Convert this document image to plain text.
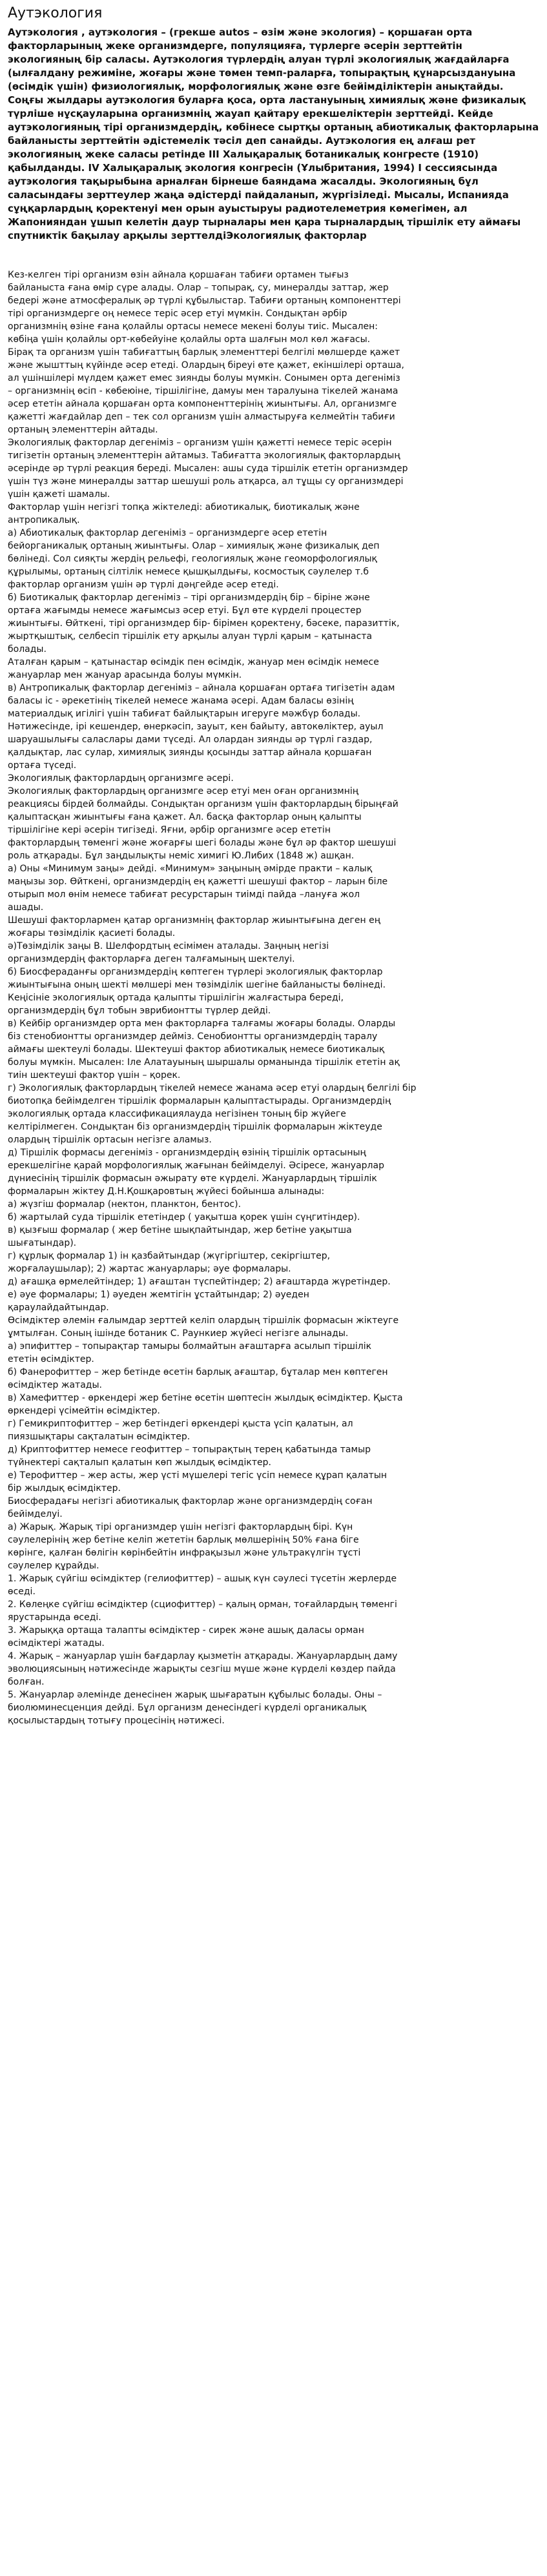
Аутэкология

Аутэкология , аутэкология – (грекше autos – өзім және экология) – қоршаған орта факторларының жеке организмдерге, популяцияға, түрлерге әсерін зерттейтін экологияның бір саласы. Аутэкология түрлердің алуан түрлі экологиялық жағдайларға (ылғалдану режиміне, жоғары және төмен темп-раларға, топырақтың құнарсыздануына (өсімдік үшін) физиологиялық, морфологиялық және өзге бейімділіктерін анықтайды. Соңғы жылдары аутэкология буларға қоса, орта ластануының химиялық және физикалық түрліше нұсқауларына организмнің жауап қайтару ерекшеліктерін зерттейді. Кейде аутэкологияның тірі организмдердің, көбінесе сыртқы ортаның абиотикалық факторларына байланысты зерттейтін әдістемелік тәсіл деп санайды. Аутэкология ең алғаш рет экологияның жеке саласы ретінде ІІІ Халықаралық ботаникалық конгресте (1910) қабылданды. IV Халықаралық экология конгресін (Ұлыбритания, 1994) І сессиясында аутэкология тақырыбына арналған бірнеше баяндама жасалды. Экологияның бұл салаcындағы зерттеулер жаңа әдістерді пайдаланып, жүргізіледі. Мысалы, Испанияда сұңқарлардың қоректенуі мен орын ауыстыруы радиотелеметрия көмегімен, ал Жапонияндан ұшып келетін дауp тырналары мен қара тырналардың тіршілік ету аймағы спутниктік бақылау арқылы зерттелдіЭкологиялық факторлар

Кез-келген тірі организм өзін айнала қоршаған табиғи ортамен тығыз

байланыста ғана өмір сүре алады. Олар – топырақ, су, минералды заттар, жер

бедері және атмосфералық әр түрлі құбылыстар. Табиғи ортаның компоненттері

тірі организмдерге оң немесе теріс әсер етуі мүмкін. Сондықтан әрбір

организмнің өзіне ғана қолайлы ортасы немесе мекені болуы тиіс. Мысален:

көбіңа үшін қолайлы орт-көбейуіне қолайлы орта шалғын мол көл жағасы.

Бірақ та организм үшін табиғаттың барлық элементтері белгілі мөлшерде қажет

және жышттың күйінде әсер етеді. Олардың біреуі өте қажет, екіншілері орташа,

ал үшіншілері мүлдем қажет емес зиянды болуы мүмкін. Сонымен орта дегеніміз

– организмнің өсіп - көбеюіне, тіршілігіне, дамуы мен таралуына тікелей жанама

әсер ететін айнала қоршаған орта компоненттерінің жиынтығы. Ал, организмге

қажетті жағдайлар деп – тек сол организм үшін алмастыруға келмейтін табиғи

ортаның элементтерін айтады.

Экологиялық факторлар дегеніміз – организм үшін қажетті немесе теріс әсерін

тигізетін ортаның элементтерін айтамыз. Табиғатта экологиялық факторлардың

әсерінде әр түрлі реакция береді. Мысален: ашы суда тіршілік ететін организмдер

үшін түз және минералды заттар шешуші роль атқарса, ал тұщы су организмдері

үшін қажеті шамалы.

Факторлар үшін негізгі топқа жіктеледі: абиотикалық, биотикалық және

антропикалық.

а) Абиотикалық факторлар дегеніміз – организмдерге әсер ететін

бейорганикалық ортаның жиынтығы. Олар – химиялық және физикалық деп

бөлінеді. Сол сияқты жердің рельефі, геологиялық және геоморфологиялық

құрылымы, ортаның сілтілік немесе қышқылдығы, космостық сәулелер т.б

факторлар организм үшін әр түрлі дәңгейде әсер етеді.

б) Биотикалық факторлар дегеніміз – тірі организмдердің бір – біріне және

ортаға жағымды немесе жағымсыз әсер етуі. Бұл өте күрделі процестер

жиынтығы. Өйткені, тірі организмдер бір- бірімен қоректену, бәсеке, паразиттік,

жыртқыштық, селбесіп тіршілік ету арқылы алуан түрлі қарым – қатынаста

болады.

Аталған қарым – қатынастар өсімдік пен өсімдік, жануар мен өсімдік немесе

жануарлар мен жануар арасында болуы мүмкін.

в) Антропикалық факторлар дегеніміз – айнала қоршаған ортаға тигізетін адам

баласы іс - әрекетінің тікелей немесе жанама әсері. Адам баласы өзінің

материалдық игілігі үшін табиғат байлықтарын игеруге мәжбүр болады.

Нәтижесінде, ірі кешендер, өнеркәсіп, зауыт, кен байыту, автокөліктер, ауыл

шаруашылығы саласлары дами түседі. Ал олардан зиянды әр түрлі газдар,

қалдықтар, лас сулар, химиялық зиянды қосынды заттар айнала қоршаған

ортаға түседі.

Экологиялық факторлардың организмге әсері.

Экологиялық факторлардың организмге әсер етуі мен оған организмнің

реакциясы бірдей болмайды. Сондықтан организм үшін факторлардың бірыңғай

қалыптасқан жиынтығы ғана қажет. Ал. басқа факторлар оның қалыпты

тіршілігіне кері әсерін тигізеді. Яғни, әрбір организмге әсер ететін

факторлардың төменгі және жоғарғы шегі болады және бұл әр фактор шешуші

роль атқарады. Бұл заңдылықты неміс химигі Ю.Либих (1848 ж) ашқан.

а) Оны «Минимум заңы» дейді. «Минимум» заңының әмірде практи – калық

маңызы зор. Өйткені, организмдердің ең қажетті шешуші фактор – ларын біле

отырып мол өнім немесе табиғат ресурстарын тиімді пайда –лануға жол

ашады.

Шешуші факторлармен қатар организмнің факторлар жиынтығына деген ең

жоғары төзімділік қасиеті болады.

ә)Төзімділік заңы В. Шелфордтың есімімен аталады. Заңның негізі

организмдердің факторларға деген талғамының шектелуі.

б) Биосфераданғы организмдердің көптеген түрлері экологиялық факторлар

жиынтығына оның шекті мөлшері мен төзімділік шегіне байланысты бөлінеді.

Кеңісініе экологиялық ортада қалыпты тіршілігін жалғастыра береді,

организмдердің бұл тобын эврибионтты түрлер дейді.

в) Кейбір организмдер орта мен факторларға талғамы жоғары болады. Оларды

біз стенобионтты организмдер дейміз. Сенобионтты организмдердің таралу

аймағы шектеулі болады. Шектеуші фактор абиотикалық немесе биотикалық

болуы мүмкін. Мысален: Іле Алатауының шыршалы орманында тіршілік ететін ақ

тиін шектеуші фактор үшін – қорек.

г) Экологиялық факторлардың тікелей немесе жанама әсер етуі олардың белгілі бір

биотопқа бейімделген тіршілік формаларын қалыптастырады. Организмдердің

экологиялық ортада классификациялауда негізінен тоның бір жүйеге

келтірілмеген. Сондықтан біз организмдердің тіршілік формаларын жіктеуде

олардың тіршілік ортасын негізге аламыз.

д) Тіршілік формасы дегеніміз - организмдердің өзінің тіршілік ортасының

ерекшелігіне қарай морфологиялық жағынан бейімделуі. Әсіресе, жануарлар

дүниесінің тіршілік формасын әжырату өте күрделі. Жануарлардың тіршілік

формаларын жіктеу Д.Н.Қошқаровтың жүйесі бойынша алынады:

а) жүзгіш формалар (нектон, планктон, бентос).

б) жартылай суда тіршілік ететіндер ( уақытша қорек үшін сүңгитіндер).

в) қызғыш формалар ( жер бетіне шықпайтындар, жер бетіне уақытша

шығатындар).

г) құрлық формалар 1) ін қазбайтындар (жүгіргіштер, секіргіштер,

жорғалаушылар); 2) жартас жануарлары; әуе формалары.

д) ағашқа өрмелейтіндер; 1) ағаштан түспейтіндер; 2) ағаштарда жүретіндер.

е) әуе формалары; 1) әуеден жемтігін ұстайтындар; 2) әуеден

қараулайдайтындар.

Өсімдіктер әлемін ғалымдар зерттей келіп олардың тіршілік формасын жіктеуге

ұмтылған. Соның ішінде ботаник С. Раункиер жүйесі негізге алынады.

а) эпифиттер – топырақтар тамыры болмайтын ағаштарға асылып тіршілік

ететін өсімдіктер.

б) Фанерофиттер – жер бетінде өсетін барлық ағаштар, бұталар мен көптеген

өсімдіктер жатады.

в) Хамефиттер - өркендері жер бетіне өсетін шөптесін жылдық өсімдіктер. Қыста

өркендері үсімейтін өсімдіктер.

г) Гемикриптофиттер – жер бетіндегі өркендері қыста үсіп қалатын, ал

пиязшықтары сақталатын өсімдіктер.

д) Криптофиттер немесе геофиттер – топырақтың терең қабатында тамыр

түйнектері сақталып қалатын көп жылдық өсімдіктер.

е) Терофиттер – жер асты, жер үсті мүшелері тегіс үсіп немесе құрап қалатын

бір жылдық өсімдіктер.

Биосферадағы негізгі абиотикалық факторлар және организмдердің соған

бейімделуі.

а) Жарық. Жарық тірі организмдер үшін негізгі факторлардың бірі. Күн

сәулелерінің жер бетіне келіп жететін барлық мөлшерінің 50% ғана біге

көрінге, қалған бөлігін көрінбейтін инфрақызыл және ультракүлгін тұсті

сәулелер құрайды.

1. Жарық сүйгіш өсімдіктер (гелиофиттер) – ашық күн сәулесі түсетін жерлерде

өседі.

2. Көлеңке сүйгіш өсімдіктер (сциофиттер) – қалың орман, тоғайлардың төменгі

ярустарында өседі.

3. Жарыққа ортаща талапты өсімдіктер - сирек және ашық даласы орман

өсімдіктері жатады.

4. Жарық – жануарлар үшін бағдарлау қызметін атқарады. Жануарлардың даму

эволюциясының нәтижесінде жарықты сезгіш мүше және күрделі көздер пайда

болған.

5. Жануарлар әлемінде денесінен жарық шығаратын құбылыс болады. Оны –

биолюминесценция дейді. Бұл организм денесіндегі күрделі органикалық

қосылыстардың тотығу процесінің нәтижесі.
